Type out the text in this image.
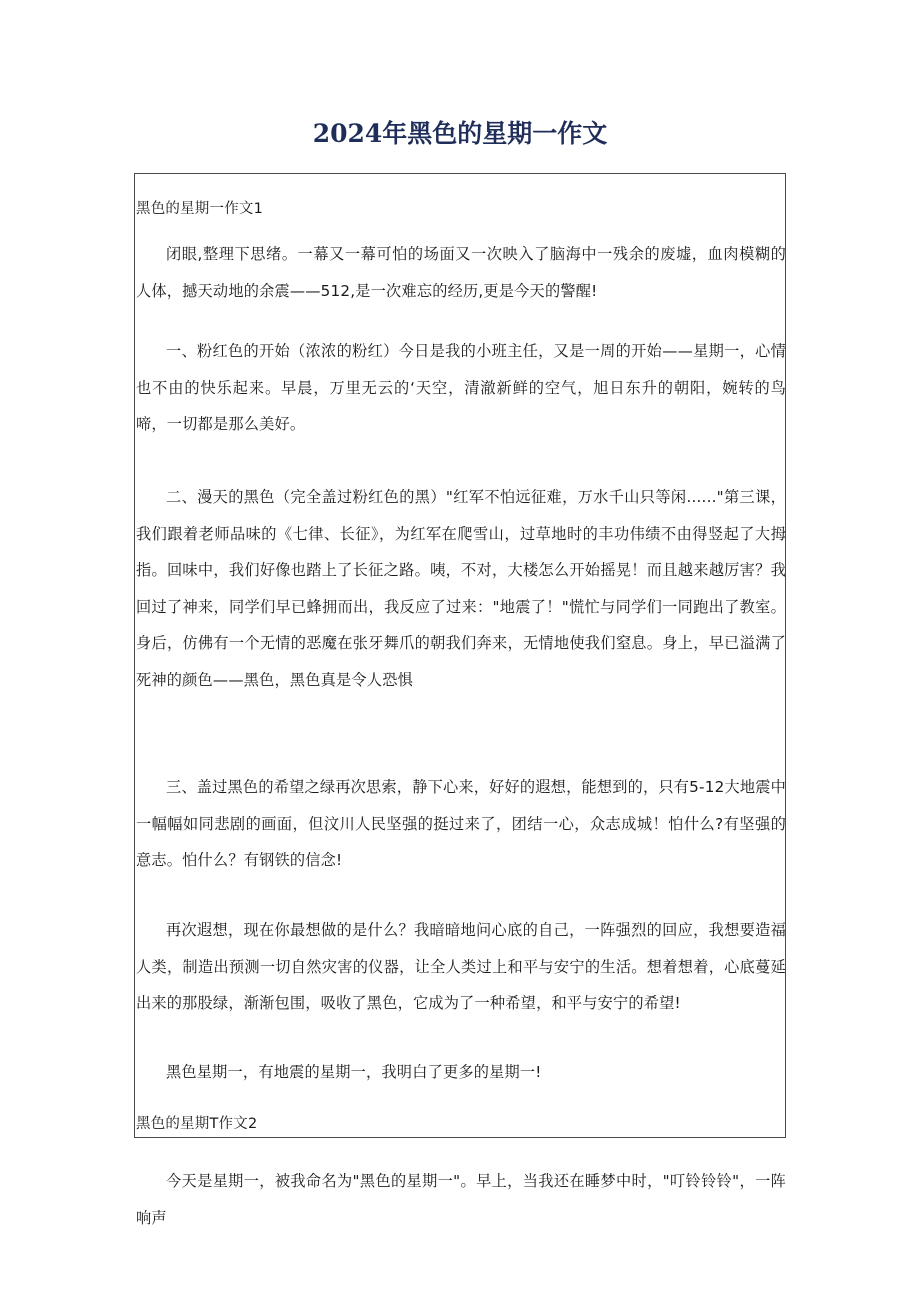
2024年黑色的星期一作文

黑色的星期一作文1

闭眼,整理下思绪。一幕又一幕可怕的场面又一次映入了脑海中一残余的废墟，血肉模糊的人体，撼天动地的余震——512,是一次难忘的经历,更是今天的警醒!

一、粉红色的开始（浓浓的粉红）今日是我的小班主任，又是一周的开始——星期一，心情也不由的快乐起来。早晨，万里无云的‘天空，清澈新鲜的空气，旭日东升的朝阳，婉转的鸟啼，一切都是那么美好。

二、漫天的黑色（完全盖过粉红色的黑）"红军不怕远征难，万水千山只等闲......"第三课，我们跟着老师品味的《七律、长征》，为红军在爬雪山，过草地时的丰功伟绩不由得竖起了大拇指。回味中，我们好像也踏上了长征之路。咦，不对，大楼怎么开始摇晃！而且越来越厉害？我回过了神来，同学们早已蜂拥而出，我反应了过来："地震了！"慌忙与同学们一同跑出了教室。身后，仿佛有一个无情的恶魔在张牙舞爪的朝我们奔来，无情地使我们窒息。身上，早已溢满了死神的颜色——黑色，黑色真是令人恐惧

三、盖过黑色的希望之绿再次思索，静下心来，好好的遐想，能想到的，只有5-12大地震中一幅幅如同悲剧的画面，但汶川人民坚强的挺过来了，团结一心，众志成城！怕什么?有坚强的意志。怕什么？有钢铁的信念!

再次遐想，现在你最想做的是什么？我暗暗地问心底的自己，一阵强烈的回应，我想要造福人类，制造出预测一切自然灾害的仪器，让全人类过上和平与安宁的生活。想着想着，心底蔓延出来的那股绿，渐渐包围，吸收了黑色，它成为了一种希望，和平与安宁的希望!

黑色星期一，有地震的星期一，我明白了更多的星期一!

黑色的星期T作文2

今天是星期一，被我命名为"黑色的星期一"。早上，当我还在睡梦中时，"叮铃铃铃"，一阵响声
